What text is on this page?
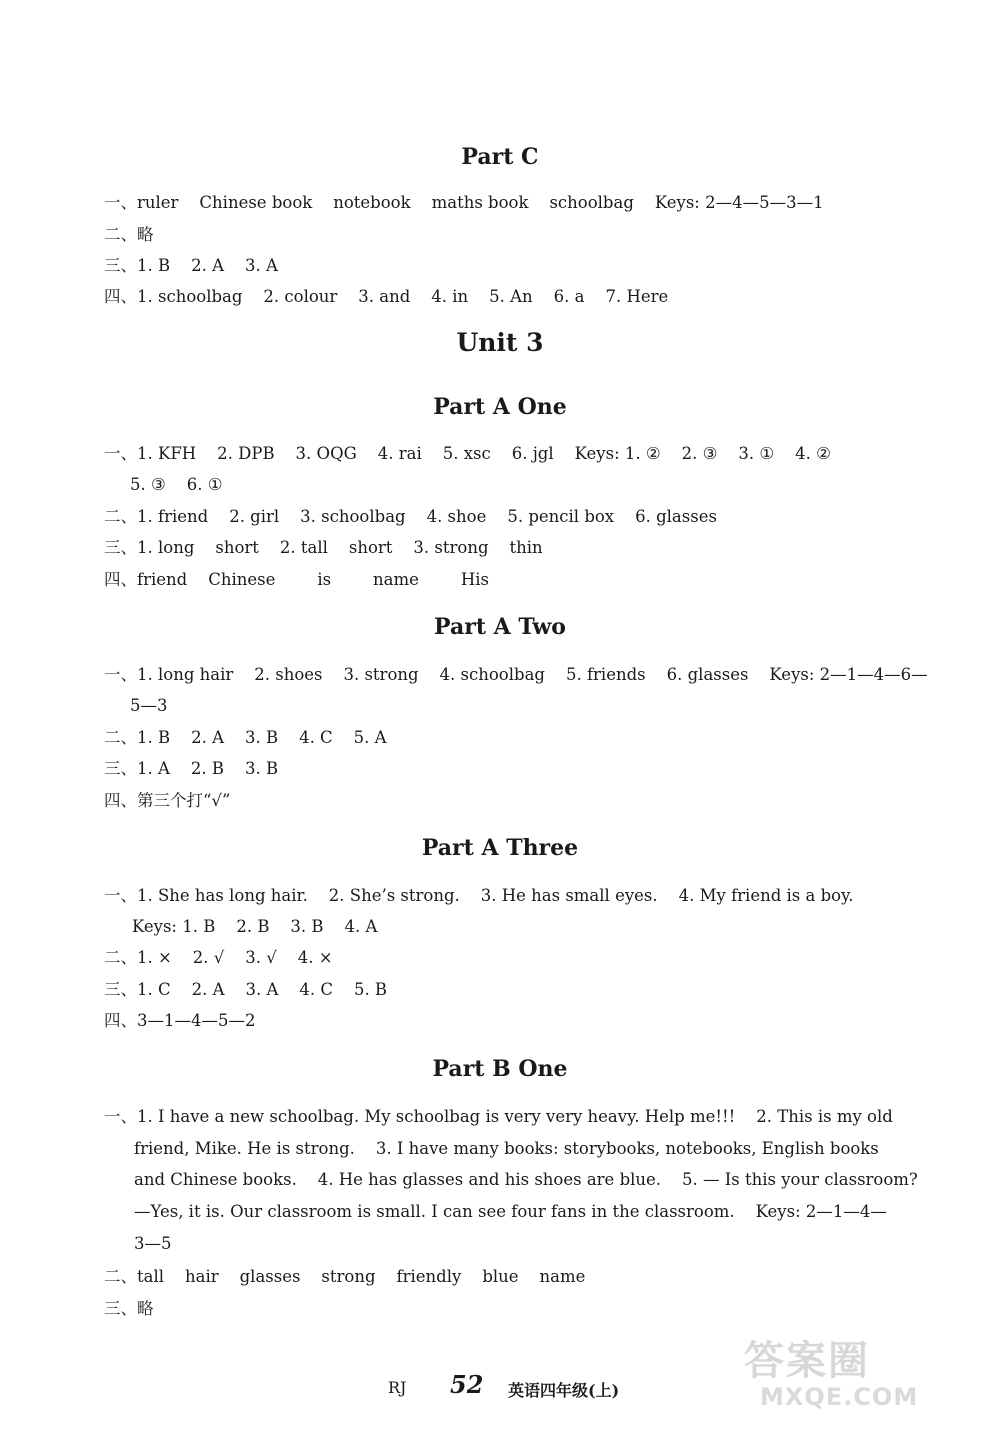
Part C
一、ruler    Chinese book    notebook    maths book    schoolbag    Keys: 2—4—5—3—1
二、略
三、1. B    2. A    3. A
四、1. schoolbag    2. colour    3. and    4. in    5. An    6. a    7. Here
Unit 3
Part A One
一、1. KFH    2. DPB    3. OQG    4. rai    5. xsc    6. jgl    Keys: 1. ②    2. ③    3. ①    4. ②
5. ③    6. ①
二、1. friend    2. girl    3. schoolbag    4. shoe    5. pencil box    6. glasses
三、1. long    short    2. tall    short    3. strong    thin
四、friend    Chinese        is        name        His
Part A Two
一、1. long hair    2. shoes    3. strong    4. schoolbag    5. friends    6. glasses    Keys: 2—1—4—6—
5—3
二、1. B    2. A    3. B    4. C    5. A
三、1. A    2. B    3. B
四、第三个打“√”
Part A Three
一、1. She has long hair.    2. She’s strong.    3. He has small eyes.    4. My friend is a boy.
Keys: 1. B    2. B    3. B    4. A
二、1. ×    2. √    3. √    4. ×
三、1. C    2. A    3. A    4. C    5. B
四、3—1—4—5—2
Part B One
一、1. I have a new schoolbag. My schoolbag is very very heavy. Help me!!!    2. This is my old
friend, Mike. He is strong.    3. I have many books: storybooks, notebooks, English books
and Chinese books.    4. He has glasses and his shoes are blue.    5. — Is this your classroom?
—Yes, it is. Our classroom is small. I can see four fans in the classroom.    Keys: 2—1—4—
3—5
二、tall    hair    glasses    strong    friendly    blue    name
三、略
RJ 52 英语四年级(上)
答案圈
MXQE.COM
